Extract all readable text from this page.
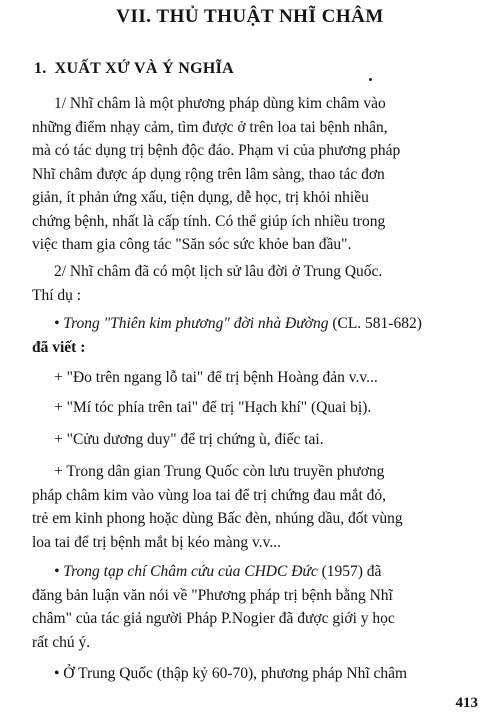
VII. THỦ THUẬT NHĨ CHÂM
1. XUẤT XỨ VÀ Ý NGHĨA

1/ Nhĩ châm là một phương pháp dùng kim châm vào
những điểm nhạy cảm, tìm được ở trên loa tai bệnh nhân,
mà có tác dụng trị bệnh độc đáo. Phạm vi của phương pháp
Nhĩ châm được áp dụng rộng trên lâm sàng, thao tác đơn
giản, ít phản ứng xấu, tiện dụng, dễ học, trị khỏi nhiều
chứng bệnh, nhất là cấp tính. Có thể giúp ích nhiều trong
việc tham gia công tác "Săn sóc sức khỏe ban đầu".

2/ Nhĩ châm đã có một lịch sử lâu đời ở Trung Quốc.
Thí dụ :

• Trong "Thiên kim phương" đời nhà Đường (CL. 581-682)
đã viết :

+ "Đo trên ngang lỗ tai" để trị bệnh Hoàng đản v.v...

+ "Mí tóc phía trên tai" để trị "Hạch khí" (Quai bị).

+ "Cửu dương duy" để trị chứng ù, điếc tai.

+ Trong dân gian Trung Quốc còn lưu truyền phương
pháp châm kim vào vùng loa tai để trị chứng đau mắt đỏ,
trẻ em kinh phong hoặc dùng Bấc đèn, nhúng dầu, đốt vùng
loa tai để trị bệnh mắt bị kéo màng v.v...

• Trong tạp chí Châm cứu của CHDC Đức (1957) đã
đăng bản luận văn nói về "Phương pháp trị bệnh bằng Nhĩ
châm" của tác giả người Pháp P.Nogier đã được giới y học
rất chú ý.

• Ở Trung Quốc (thập kỷ 60-70), phương pháp Nhĩ châm

413
